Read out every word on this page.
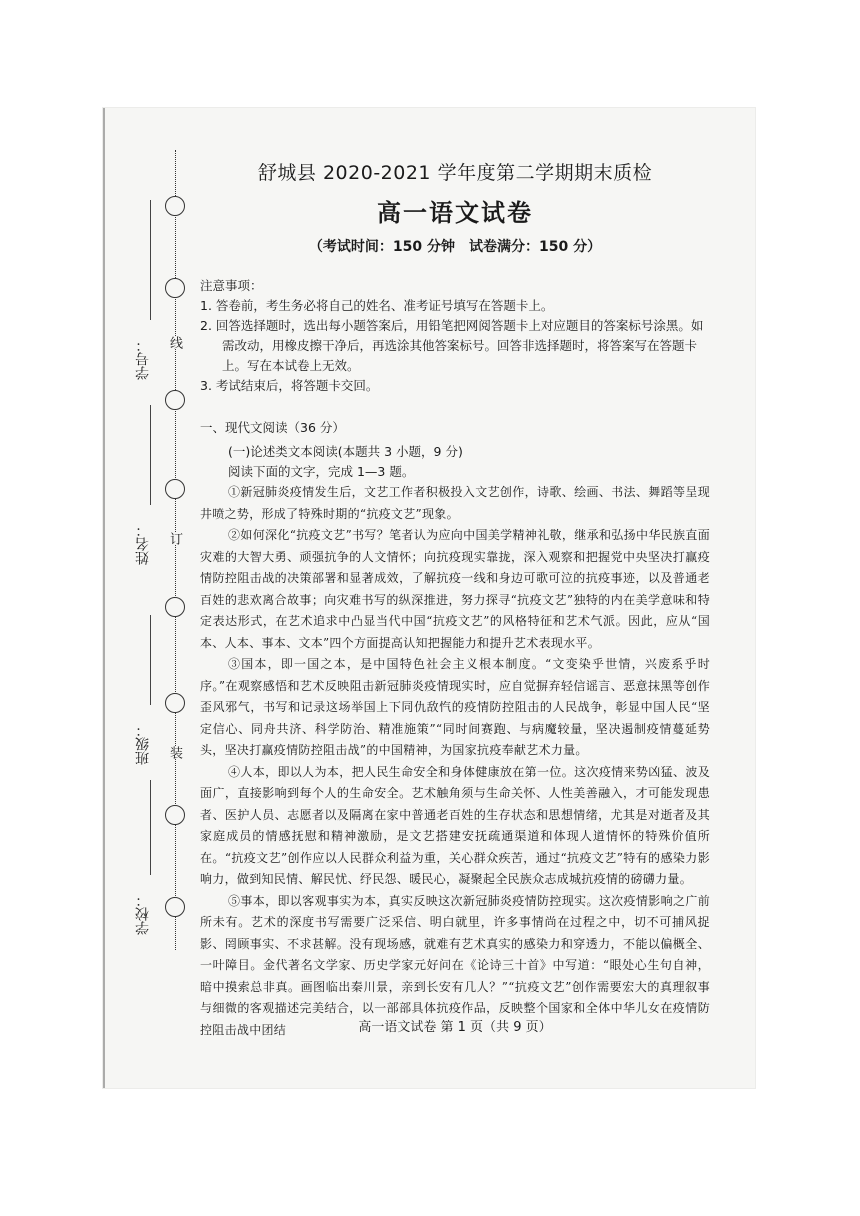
线
订
装
学号：
姓名：
班级：
学校：

舒城县 2020-2021 学年度第二学期期末质检

高一语文试卷

（考试时间：150 分钟　试卷满分：150 分）

注意事项：

1. 答卷前，考生务必将自己的姓名、准考证号填写在答题卡上。

2. 回答选择题时，选出每小题答案后，用铅笔把网阅答题卡上对应题目的答案标号涂黑。如需改动，用橡皮擦干净后，再选涂其他答案标号。回答非选择题时，将答案写在答题卡上。写在本试卷上无效。

3. 考试结束后，将答题卡交回。

一、现代文阅读（36 分）

(一)论述类文本阅读(本题共 3 小题，9 分)

阅读下面的文字，完成 1—3 题。

①新冠肺炎疫情发生后，文艺工作者积极投入文艺创作，诗歌、绘画、书法、舞蹈等呈现井喷之势，形成了特殊时期的“抗疫文艺”现象。

②如何深化“抗疫文艺”书写？笔者认为应向中国美学精神礼敬，继承和弘扬中华民族直面灾难的大智大勇、顽强抗争的人文情怀；向抗疫现实靠拢，深入观察和把握党中央坚决打赢疫情防控阻击战的决策部署和显著成效，了解抗疫一线和身边可歌可泣的抗疫事迹，以及普通老百姓的悲欢离合故事；向灾难书写的纵深推进，努力探寻“抗疫文艺”独特的内在美学意味和特定表达形式，在艺术追求中凸显当代中国“抗疫文艺”的风格特征和艺术气派。因此，应从“国本、人本、事本、文本”四个方面提高认知把握能力和提升艺术表现水平。

③国本，即一国之本，是中国特色社会主义根本制度。“文变染乎世情，兴废系乎时序。”在观察感悟和艺术反映阻击新冠肺炎疫情现实时，应自觉摒弃轻信谣言、恶意抹黑等创作歪风邪气，书写和记录这场举国上下同仇敌忾的疫情防控阻击的人民战争，彰显中国人民“坚定信心、同舟共济、科学防治、精准施策”“同时间赛跑、与病魔较量，坚决遏制疫情蔓延势头，坚决打赢疫情防控阻击战”的中国精神，为国家抗疫奉献艺术力量。

④人本，即以人为本，把人民生命安全和身体健康放在第一位。这次疫情来势凶猛、波及面广，直接影响到每个人的生命安全。艺术触角须与生命关怀、人性美善融入，才可能发现患者、医护人员、志愿者以及隔离在家中普通老百姓的生存状态和思想情绪，尤其是对逝者及其家庭成员的情感抚慰和精神激励，是文艺搭建安抚疏通渠道和体现人道情怀的特殊价值所在。“抗疫文艺”创作应以人民群众利益为重，关心群众疾苦，通过“抗疫文艺”特有的感染力影响力，做到知民情、解民忧、纾民怨、暖民心，凝聚起全民族众志成城抗疫情的磅礴力量。

⑤事本，即以客观事实为本，真实反映这次新冠肺炎疫情防控现实。这次疫情影响之广前所未有。艺术的深度书写需要广泛采信、明白就里，许多事情尚在过程之中，切不可捕风捉影、罔顾事实、不求甚解。没有现场感，就难有艺术真实的感染力和穿透力，不能以偏概全、一叶障目。金代著名文学家、历史学家元好问在《论诗三十首》中写道：“眼处心生句自神，暗中摸索总非真。画图临出秦川景，亲到长安有几人？”“抗疫文艺”创作需要宏大的真理叙事与细微的客观描述完美结合，以一部部具体抗疫作品，反映整个国家和全体中华儿女在疫情防控阻击战中团结	高一语文试卷 第 1 页（共 9 页）
